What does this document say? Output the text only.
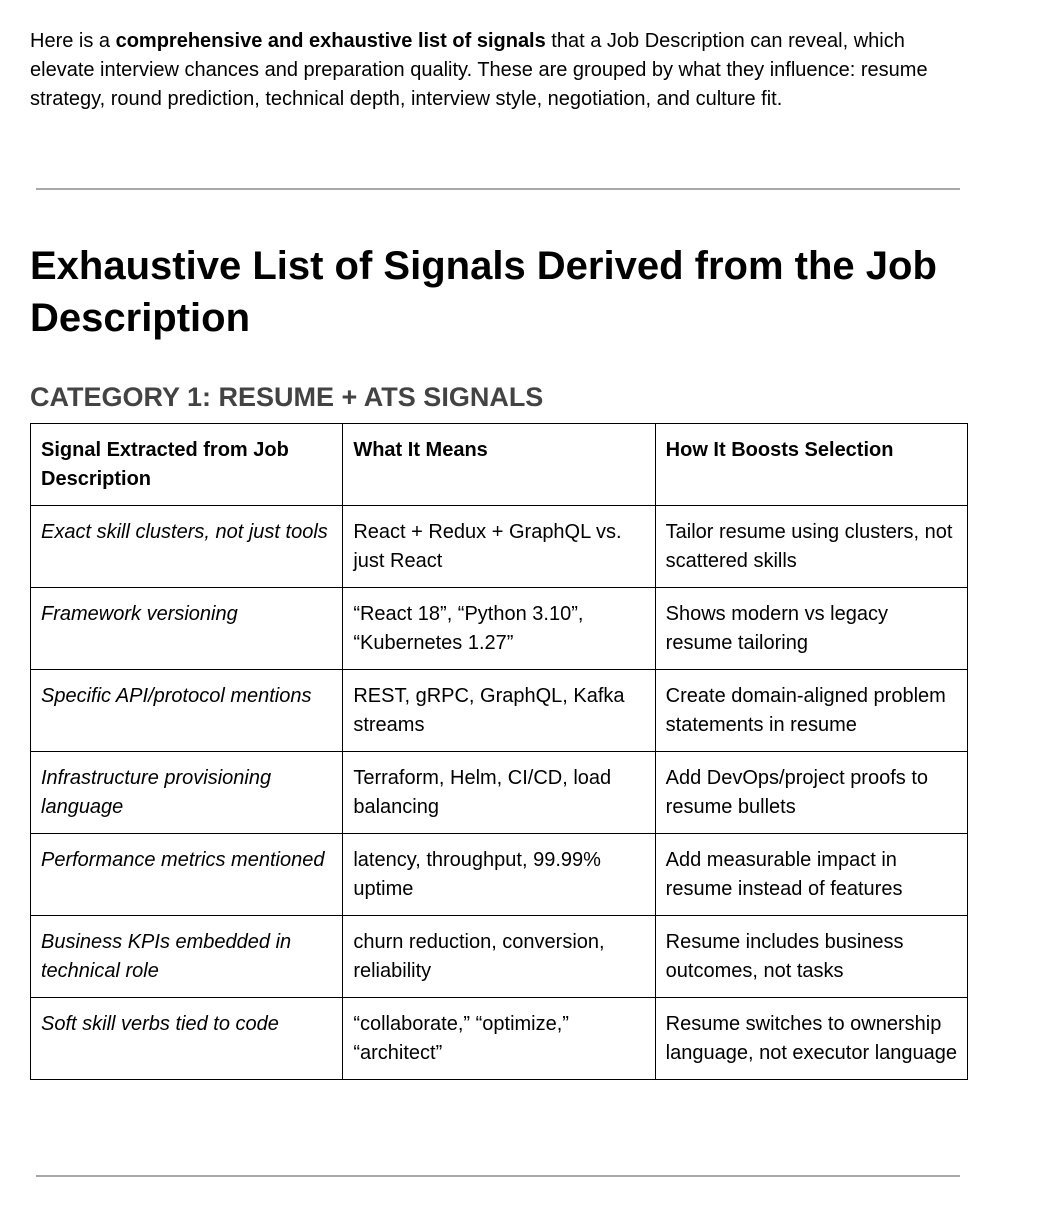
Here is a comprehensive and exhaustive list of signals that a Job Description can reveal, which elevate interview chances and preparation quality. These are grouped by what they influence: resume strategy, round prediction, technical depth, interview style, negotiation, and culture fit.

Exhaustive List of Signals Derived from the Job Description
CATEGORY 1: RESUME + ATS SIGNALS
Signal Extracted from Job Description	What It Means	How It Boosts Selection
Exact skill clusters, not just tools	React + Redux + GraphQL vs. just React	Tailor resume using clusters, not scattered skills
Framework versioning	“React 18”, “Python 3.10”, “Kubernetes 1.27”	Shows modern vs legacy resume tailoring
Specific API/protocol mentions	REST, gRPC, GraphQL, Kafka streams	Create domain-aligned problem statements in resume
Infrastructure provisioning language	Terraform, Helm, CI/CD, load balancing	Add DevOps/project proofs to resume bullets
Performance metrics mentioned	latency, throughput, 99.99% uptime	Add measurable impact in resume instead of features
Business KPIs embedded in technical role	churn reduction, conversion, reliability	Resume includes business outcomes, not tasks
Soft skill verbs tied to code	“collaborate,” “optimize,” “architect”	Resume switches to ownership language, not executor language
